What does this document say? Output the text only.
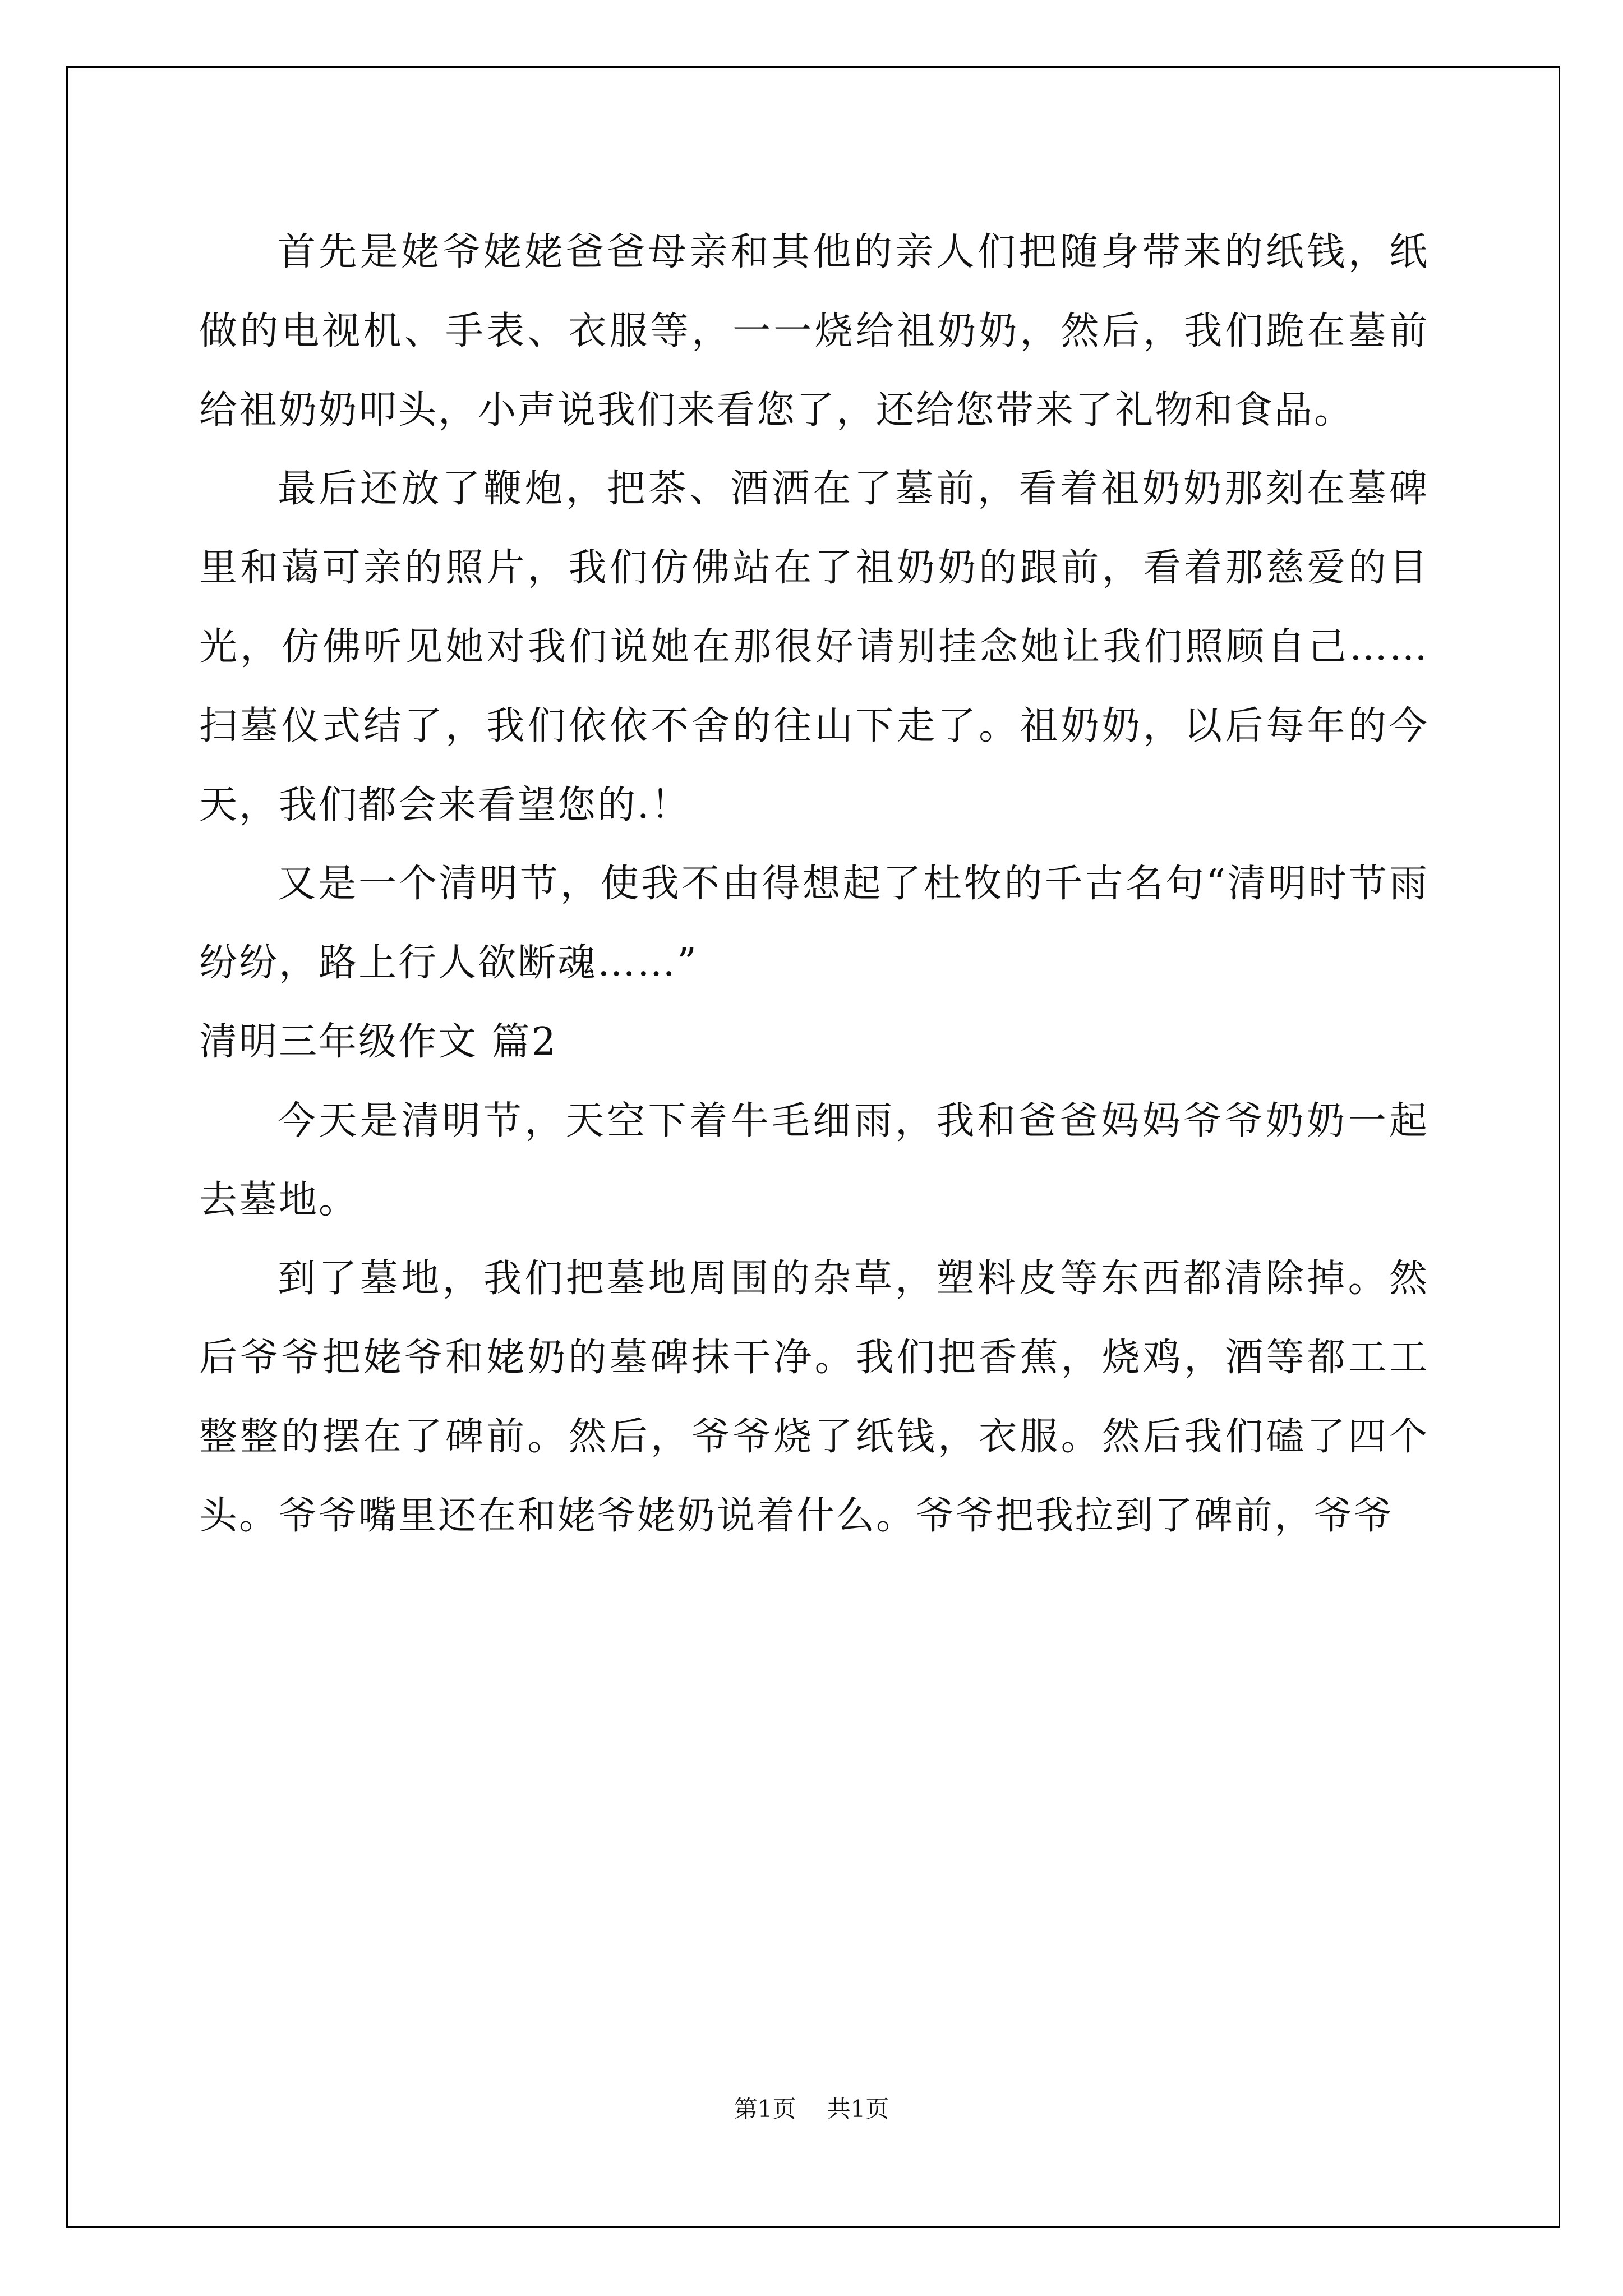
首先是姥爷姥姥爸爸母亲和其他的亲人们把随身带来的纸钱，纸做的电视机、手表、衣服等，一一烧给祖奶奶，然后，我们跪在墓前给祖奶奶叩头，小声说我们来看您了，还给您带来了礼物和食品。

最后还放了鞭炮，把茶、酒洒在了墓前，看着祖奶奶那刻在墓碑里和蔼可亲的照片，我们仿佛站在了祖奶奶的跟前，看着那慈爱的目光，仿佛听见她对我们说她在那很好请别挂念她让我们照顾自己……扫墓仪式结了，我们依依不舍的往山下走了。祖奶奶，以后每年的今天，我们都会来看望您的.！

又是一个清明节，使我不由得想起了杜牧的千古名句“清明时节雨纷纷，路上行人欲断魂……”

清明三年级作文 篇2

今天是清明节，天空下着牛毛细雨，我和爸爸妈妈爷爷奶奶一起去墓地。

到了墓地，我们把墓地周围的杂草，塑料皮等东西都清除掉。然后爷爷把姥爷和姥奶的墓碑抹干净。我们把香蕉，烧鸡，酒等都工工整整的摆在了碑前。然后，爷爷烧了纸钱，衣服。然后我们磕了四个头。爷爷嘴里还在和姥爷姥奶说着什么。爷爷把我拉到了碑前，爷爷

第1页 共1页
